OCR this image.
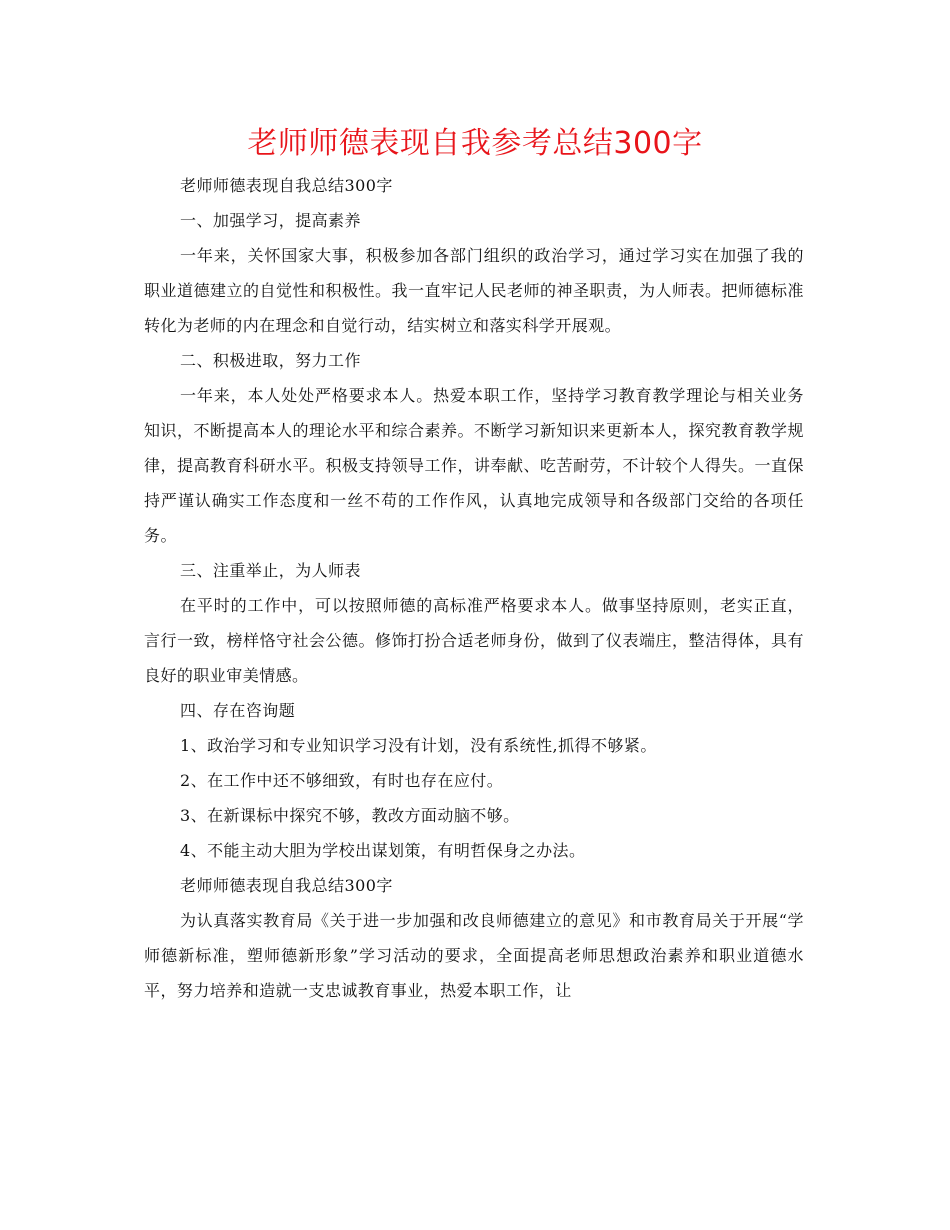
老师师德表现自我参考总结300字

老师师德表现自我总结300字

一、加强学习，提高素养

一年来，关怀国家大事，积极参加各部门组织的政治学习，通过学习实在加强了我的职业道德建立的自觉性和积极性。我一直牢记人民老师的神圣职责，为人师表。把师德标准转化为老师的内在理念和自觉行动，结实树立和落实科学开展观。

二、积极进取，努力工作

一年来，本人处处严格要求本人。热爱本职工作，坚持学习教育教学理论与相关业务知识，不断提高本人的理论水平和综合素养。不断学习新知识来更新本人，探究教育教学规律，提高教育科研水平。积极支持领导工作，讲奉献、吃苦耐劳，不计较个人得失。一直保持严谨认确实工作态度和一丝不苟的工作作风，认真地完成领导和各级部门交给的各项任务。

三、注重举止，为人师表

在平时的工作中，可以按照师德的高标准严格要求本人。做事坚持原则，老实正直，言行一致，榜样恪守社会公德。修饰打扮合适老师身份，做到了仪表端庄，整洁得体，具有良好的职业审美情感。

四、存在咨询题

1、政治学习和专业知识学习没有计划，没有系统性,抓得不够紧。

2、在工作中还不够细致，有时也存在应付。

3、在新课标中探究不够，教改方面动脑不够。

4、不能主动大胆为学校出谋划策，有明哲保身之办法。

老师师德表现自我总结300字

为认真落实教育局《关于进一步加强和改良师德建立的意见》和市教育局关于开展“学师德新标准，塑师德新形象”学习活动的要求，全面提高老师思想政治素养和职业道德水平，努力培养和造就一支忠诚教育事业，热爱本职工作，让
